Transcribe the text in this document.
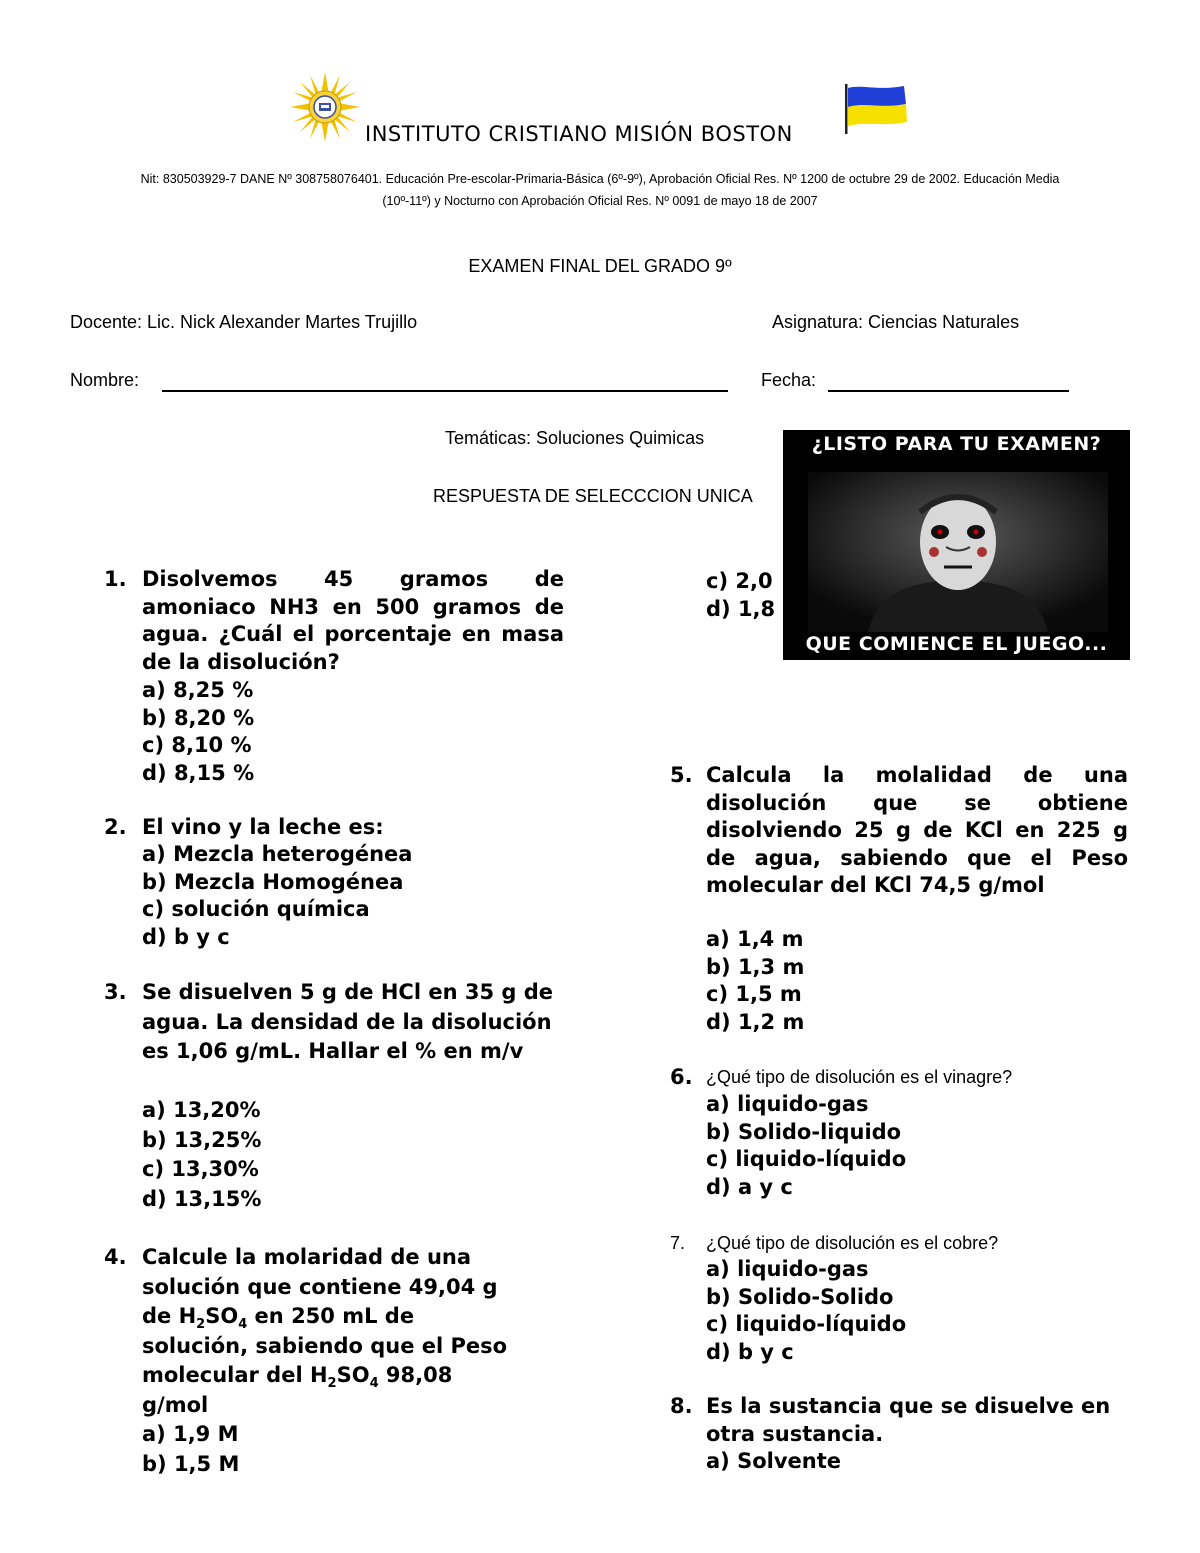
INSTITUTO CRISTIANO MISIÓN BOSTON
Nit: 830503929-7 DANE Nº 308758076401. Educación Pre-escolar-Primaria-Básica (6º-9º), Aprobación Oficial Res. Nº 1200 de octubre 29 de 2002. Educación Media
(10º-11º) y Nocturno con Aprobación Oficial Res. Nº 0091 de mayo 18 de 2007
EXAMEN FINAL DEL GRADO 9º
Docente: Lic. Nick Alexander Martes Trujillo	Asignatura: Ciencias Naturales
Nombre:	Fecha:
Temáticas: Soluciones Quimicas
RESPUESTA DE SELECCCION UNICA
¿LISTO PARA TU EXAMEN?
QUE COMIENCE EL JUEGO...
1. Disolvemos 45 gramos de amoniaco NH3 en 500 gramos de agua. ¿Cuál el porcentaje en masa de la disolución?
a) 8,25 %
b) 8,20 %
c) 8,10 %
d) 8,15 %
2. El vino y la leche es:
a) Mezcla heterogénea
b) Mezcla Homogénea
c) solución química
d) b y c
3. Se disuelven 5 g de HCl en 35 g de agua. La densidad de la disolución es 1,06 g/mL. Hallar el % en m/v
a) 13,20%
b) 13,25%
c) 13,30%
d) 13,15%
4. Calcule la molaridad de una
solución que contiene 49,04 g
de $H_2SO_4$ en 250 mL de
solución, sabiendo que el Peso
molecular del $H_2SO_4$ 98,08
g/mol
a) 1,9 M
b) 1,5 M
c) 2,0
d) 1,8
5. Calcula la molalidad de una disolución que se obtiene disolviendo 25 g de KCl en 225 g de agua, sabiendo que el Peso molecular del KCl 74,5 g/mol
a) 1,4 m
b) 1,3 m
c) 1,5 m
d) 1,2 m
6. ¿Qué tipo de disolución es el vinagre?
a) liquido-gas
b) Solido-liquido
c) liquido-líquido
d) a y c
7. ¿Qué tipo de disolución es el cobre?
a) liquido-gas
b) Solido-Solido
c) liquido-líquido
d) b y c
8. Es la sustancia que se disuelve en otra sustancia.
a) Solvente
